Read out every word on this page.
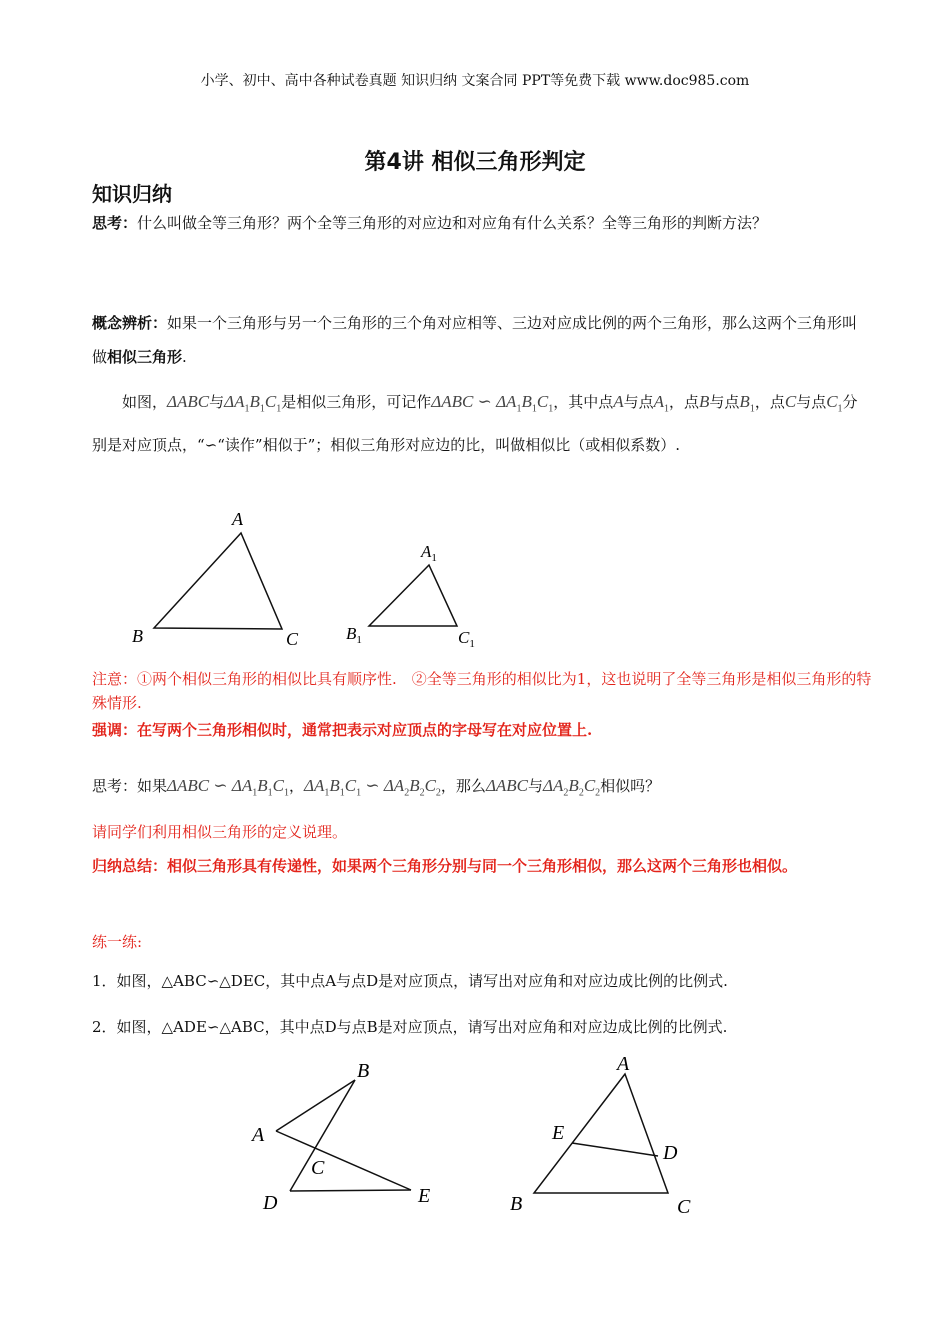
小学、初中、高中各种试卷真题 知识归纳 文案合同 PPT等免费下载 www.doc985.com
第4讲 相似三角形判定
知识归纳
思考：什么叫做全等三角形？两个全等三角形的对应边和对应角有什么关系？全等三角形的判断方法？
概念辨析：如果一个三角形与另一个三角形的三个角对应相等、三边对应成比例的两个三角形，那么这两个三角形叫做相似三角形.
如图，ΔABC与$\Delta A_1B_1C_1$是相似三角形，可记作ΔABC ∽ $\Delta A_1B_1C_1$，其中点A与点$A_1$，点B与点$B_1$，点C与点$C_1$分别是对应顶点，“∽“读作”相似于”；相似三角形对应边的比，叫做相似比（或相似系数）.
A
B	C
$A_1$
$B_1$	$C_1$
注意：①两个相似三角形的相似比具有顺序性.　②全等三角形的相似比为1，这也说明了全等三角形是相似三角形的特殊情形.
强调：在写两个三角形相似时，通常把表示对应顶点的字母写在对应位置上.
思考：如果ΔABC ∽ $\Delta A_1B_1C_1$，$\Delta A_1B_1C_1$ ∽ $\Delta A_2B_2C_2$，那么ΔABC与$\Delta A_2B_2C_2$相似吗？
请同学们利用相似三角形的定义说理。
归纳总结：相似三角形具有传递性，如果两个三角形分别与同一个三角形相似，那么这两个三角形也相似。
练一练:
1．如图，△ABC∽△DEC，其中点A与点D是对应顶点，请写出对应角和对应边成比例的比例式.
2．如图，△ADE∽△ABC，其中点D与点B是对应顶点，请写出对应角和对应边成比例的比例式.
B
A
C
D	E
A
E
D
B	C
